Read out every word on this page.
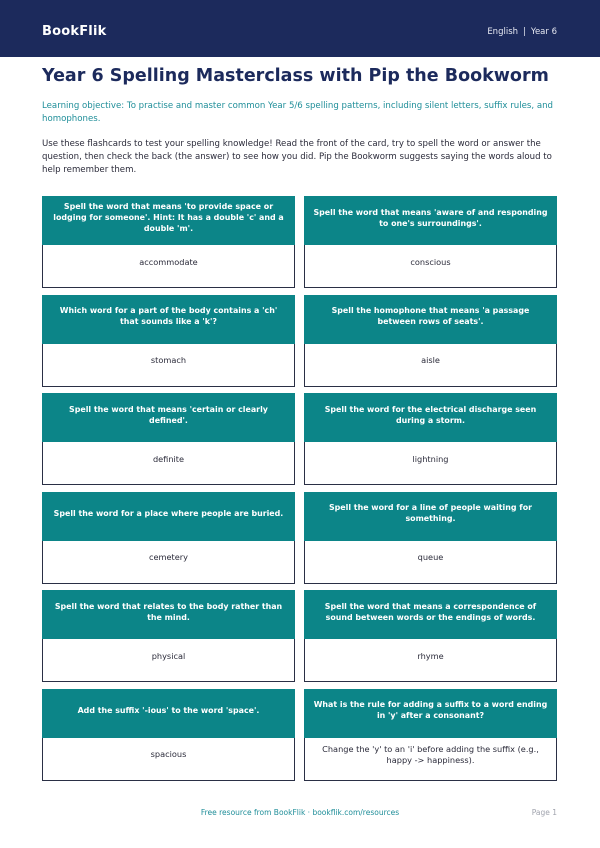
BookFlik	English | Year 6
Year 6 Spelling Masterclass with Pip the Bookworm

Learning objective: To practise and master common Year 5/6 spelling patterns, including silent letters, suffix rules, and homophones.

Use these flashcards to test your spelling knowledge! Read the front of the card, try to spell the word or answer the question, then check the back (the answer) to see how you did. Pip the Bookworm suggests saying the words aloud to help remember them.

Spell the word that means 'to provide space or lodging for someone'. Hint: It has a double 'c' and a double 'm'.
accommodate
Spell the word that means 'aware of and responding to one's surroundings'.
conscious
Which word for a part of the body contains a 'ch' that sounds like a 'k'?
stomach
Spell the homophone that means 'a passage between rows of seats'.
aisle
Spell the word that means 'certain or clearly defined'.
definite
Spell the word for the electrical discharge seen during a storm.
lightning
Spell the word for a place where people are buried.
cemetery
Spell the word for a line of people waiting for something.
queue
Spell the word that relates to the body rather than the mind.
physical
Spell the word that means a correspondence of sound between words or the endings of words.
rhyme
Add the suffix '-ious' to the word 'space'.
spacious
What is the rule for adding a suffix to a word ending in 'y' after a consonant?
Change the 'y' to an 'i' before adding the suffix (e.g., happy -> happiness).
Free resource from BookFlik · bookflik.com/resources	Page 1
